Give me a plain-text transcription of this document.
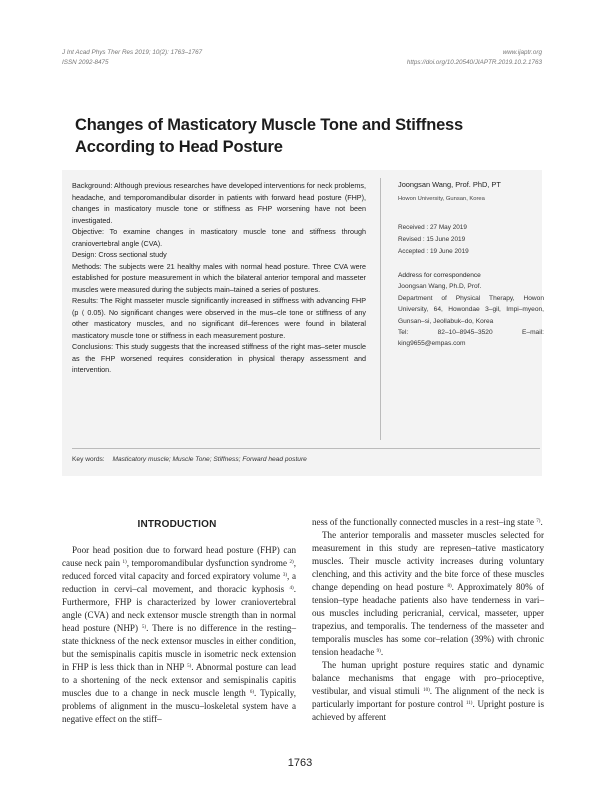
J Int Acad Phys Ther Res 2019; 10(2): 1763–1767
ISSN 2092-8475
www.ijaptr.org
https://doi.org/10.20540/JIAPTR.2019.10.2.1763
Changes of Masticatory Muscle Tone and Stiffness According to Head Posture

Background: Although previous researches have developed interventions for neck problems, headache, and temporomandibular disorder in patients with forward head posture (FHP), changes in masticatory muscle tone or stiffness as FHP worsening have not been investigated.

Objective: To examine changes in masticatory muscle tone and stiffness through craniovertebral angle (CVA).

Design: Cross sectional study

Methods: The subjects were 21 healthy males with normal head posture. Three CVA were established for posture measurement in which the bilateral anterior temporal and masseter muscles were measured during the subjects main–tained a series of postures.

Results: The Right masseter muscle significantly increased in stiffness with advancing FHP (p ⟨ 0.05). No significant changes were observed in the mus–cle tone or stiffness of any other masticatory muscles, and no significant dif–ferences were found in bilateral masticatory muscle tone or stiffness in each measurement posture.

Conclusions: This study suggests that the increased stiffness of the right mas–seter muscle as the FHP worsened requires consideration in physical therapy assessment and intervention.

Joongsan Wang, Prof. PhD, PT
Howon University, Gunsan, Korea
Received : 27 May 2019
Revised : 15 June 2019
Accepted : 19 June 2019
Address for correspondence
Joongsan Wang, Ph.D, Prof.
Department of Physical Therapy, Howon University, 64, Howondae 3–gil, Impi–myeon, Gunsan–si, Jeollabuk–do, Korea
Tel:	82–10–8945–3520	E–mail:
king9655@empas.com
Key words: Masticatory muscle; Muscle Tone; Stiffness; Forward head posture
INTRODUCTION

Poor head position due to forward head posture (FHP) can cause neck pain $^{1)}$, temporomandibular dysfunction syndrome $^{2)}$, reduced forced vital capacity and forced expiratory volume $^{3)}$, a reduction in cervi–cal movement, and thoracic kyphosis $^{4)}$. Furthermore, FHP is characterized by lower craniovertebral angle (CVA) and neck extensor muscle strength than in normal head posture (NHP) $^{5)}$. There is no difference in the resting–state thickness of the neck extensor muscles in either condition, but the semispinalis capitis muscle in isometric neck extension in FHP is less thick than in NHP $^{5)}$. Abnormal posture can lead to a shortening of the neck extensor and semispinalis capitis muscles due to a change in neck muscle length $^{6)}$. Typically, problems of alignment in the muscu–loskeletal system have a negative effect on the stiff–

ness of the functionally connected muscles in a rest–ing state $^{7)}$.

The anterior temporalis and masseter muscles selected for measurement in this study are represen–tative masticatory muscles. Their muscle activity increases during voluntary clenching, and this activity and the bite force of these muscles change depending on head posture $^{8)}$. Approximately 80% of tension–type headache patients also have tenderness in vari–ous muscles including pericranial, cervical, masseter, upper trapezius, and temporalis. The tenderness of the masseter and temporalis muscles has some cor–relation (39%) with chronic tension headache $^{9)}$.

The human upright posture requires static and dynamic balance mechanisms that engage with pro–prioceptive, vestibular, and visual stimuli $^{10)}$. The alignment of the neck is particularly important for posture control $^{11)}$. Upright posture is achieved by afferent

1763
